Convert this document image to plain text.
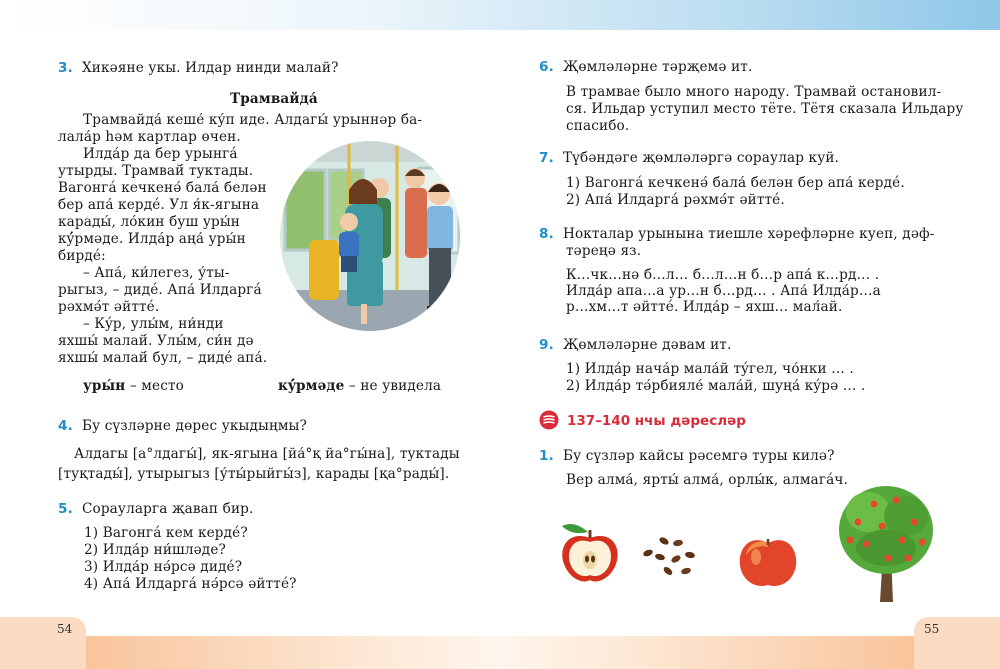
54	55
3. Хикәяне укы. Илдар нинди малай?
Трамвайда́
Трамвайда́ кеше́ ку́п иде. Алдагы́ урыннәр ба-
лала́р һәм картлар өчен.
Илда́р да бер урынгá
утырды. Трамвай́ туктады.
Вагонгá кечкенә́ бала́ белән
бер апа́ кердé. Ул я́к-ягына
карады́, ло́кин буш уры́н
кý́рмәде. Илда́р аңа́ уры́н
бирдé:
– Апа́, ки́легез, у́ты-
рыгыз, – дидé. Апа́ Илдаргá
рәхмә́т әйттé.
– Кýр, улы́м, ни́нди
яхшы́ малай́. Улы́м, си́н дә
яхшы́ малай́ бул, – дидé апа́.
уры́н – место	кý́рмәде – не увидела
4. Бу сүзләрне дөрес укыдыңмы?
Алдагы [а°лдагы́], як-ягына [йа́°қ йа°гы́на], туктады
[туқтады́], утырыгыз [у́ты́рыйгы́з], карады [қа°рады́].
5. Сорауларга җавап бир.
1) Вагонгá кем кердé?
2) Илда́р ни́шләде?
3) Илда́р нә́рсә дидé?
4) Апа́ Илдаргá нә́рсә әйттé?
6. Җөмләләрне тәрҗемә ит.
В трамвае было много народу. Трамвай остановил-
ся. Ильдар уступил место тёте. Тётя сказала Ильдару
спасибо.
7. Түбәндәге җөмләләргә сораулар куй.
1) Вагонгá кечкенә́ бала́ белән бер апа́ кердé.
2) Апа́ Илдаргá рәхмә́т әйттé.
8. Нокталар урынына тиешле хәрефләрне куеп, дәф-
тәреңә яз.
К…чк…нә б…л… б…л…н б…р апа́ к…рд… .
Илда́р апа…а ур…н б…рд… . Апа́ Илда́р…а
р…хм…т әйттé. Илда́р – яхш… мал́ай.
9. Җөмләләрне дәвам ит.
1) Илда́р нача́р мала́й тýгел, чо́нки … .
2) Илда́р тә́рбияле́ мала́й, шуңа́ кýрә … .
137–140 нчы дәресләр
1. Бу сүзләр кайсы рәсемгә туры килә?
Вер алма́, ярты́ алма́, орлы́к, алмагáч.
